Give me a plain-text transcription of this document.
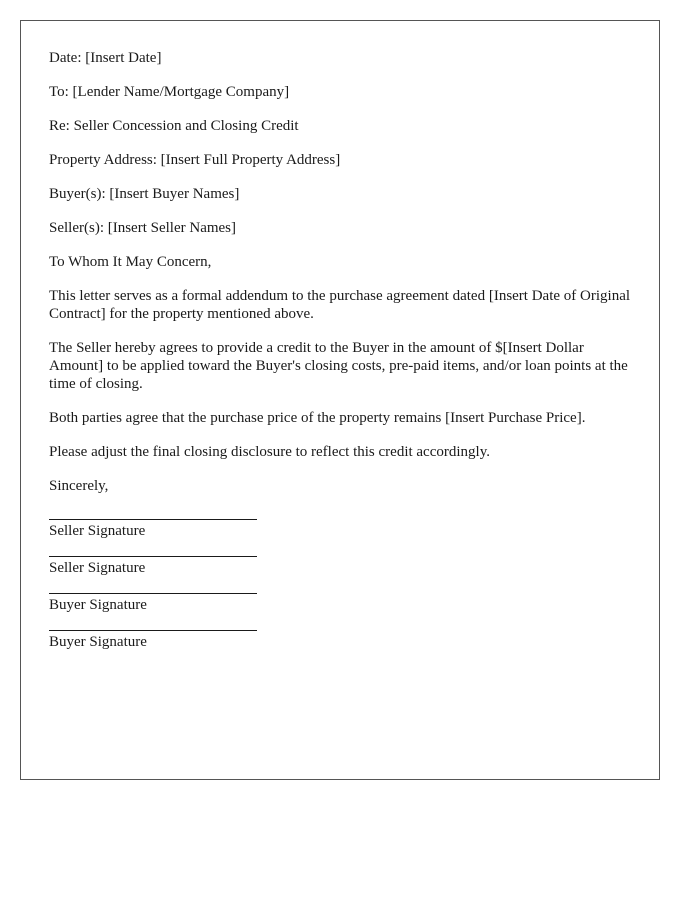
Date: [Insert Date]
To: [Lender Name/Mortgage Company]
Re: Seller Concession and Closing Credit
Property Address: [Insert Full Property Address]
Buyer(s): [Insert Buyer Names]
Seller(s): [Insert Seller Names]
To Whom It May Concern,

This letter serves as a formal addendum to the purchase agreement dated [Insert Date of Original Contract] for the property mentioned above.

The Seller hereby agrees to provide a credit to the Buyer in the amount of $[Insert Dollar Amount] to be applied toward the Buyer's closing costs, pre-paid items, and/or loan points at the time of closing.

Both parties agree that the purchase price of the property remains [Insert Purchase Price].

Please adjust the final closing disclosure to reflect this credit accordingly.

Sincerely,
Seller Signature
Seller Signature
Buyer Signature
Buyer Signature
